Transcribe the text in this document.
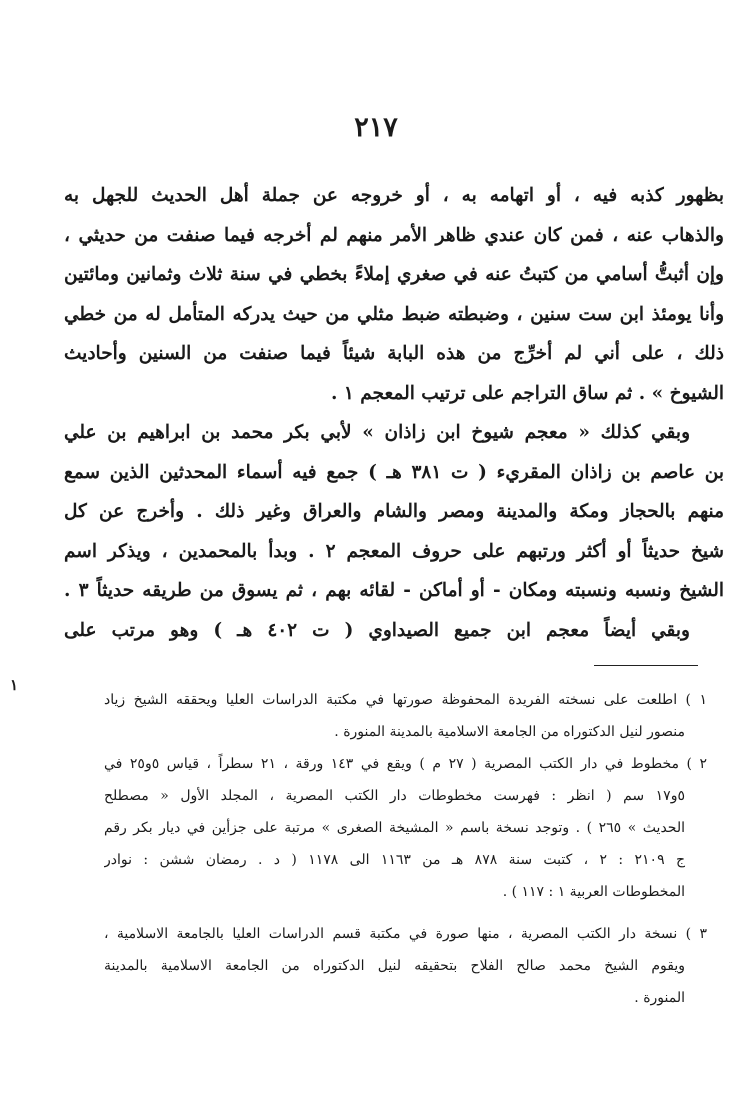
٢١٧
بظهور كذبه فيه ، أو اتهامه به ، أو خروجه عن جملة أهل الحديث للجهل به
والذهاب عنه ، فمن كان عندي ظاهر الأمر منهم لم أخرجه فيما صنفت من حديثي ،
وإن أثبتُّ أسامي من كتبتُ عنه في صغري إملاءً بخطي في سنة ثلاث وثمانين ومائتين
وأنا يومئذ ابن ست سنين ، وضبطته ضبط مثلي من حيث يدركه المتأمل له من خطي
ذلك ، على أني لم أخرِّج من هذه البابة شيئاً فيما صنفت من السنين وأحاديث
الشيوخ » . ثم ساق التراجم على ترتيب المعجم ١ .
وبقي كذلك « معجم شيوخ ابن زاذان » لأبي بكر محمد بن ابراهيم بن علي
بن عاصم بن زاذان المقريء ( ت ٣٨١ هـ ) جمع فيه أسماء المحدثين الذين سمع
منهم بالحجاز ومكة والمدينة ومصر والشام والعراق وغير ذلك . وأخرج عن كل
شيخ حديثاً أو أكثر ورتبهم على حروف المعجم ٢ . وبدأ بالمحمدين ، ويذكر اسم
الشيخ ونسبه ونسبته ومكان - أو أماكن - لقائه بهم ، ثم يسوق من طريقه حديثاً ٣ .
وبقي أيضاً معجم ابن جميع الصيداوي ( ت ٤٠٢ هـ ) وهو مرتب على
١
١ ) اطلعت على نسخته الفريدة المحفوظة صورتها في مكتبة الدراسات العليا ويحققه الشيخ زياد
منصور لنيل الدكتوراه من الجامعة الاسلامية بالمدينة المنورة .
٢ ) مخطوط في دار الكتب المصرية ( ٢٧ م ) ويقع في ١٤٣ ورقة ، ٢١ سطراً ، قياس ٥و٢٥ في
٥و١٧ سم ( انظر : فهرست مخطوطات دار الكتب المصرية ، المجلد الأول « مصطلح
الحديث » ٢٦٥ ) . وتوجد نسخة باسم « المشيخة الصغرى » مرتبة على جزأين في ديار بكر رقم
ج ٢١٠٩ : ٢ ، كتبت سنة ٨٧٨ هـ من ١١٦٣ الى ١١٧٨ ( د . رمضان ششن : نوادر
المخطوطات العربية ١ : ١١٧ ) .
٣ ) نسخة دار الكتب المصرية ، منها صورة في مكتبة قسم الدراسات العليا بالجامعة الاسلامية ،
ويقوم الشيخ محمد صالح الفلاح بتحقيقه لنيل الدكتوراه من الجامعة الاسلامية بالمدينة
المنورة .
